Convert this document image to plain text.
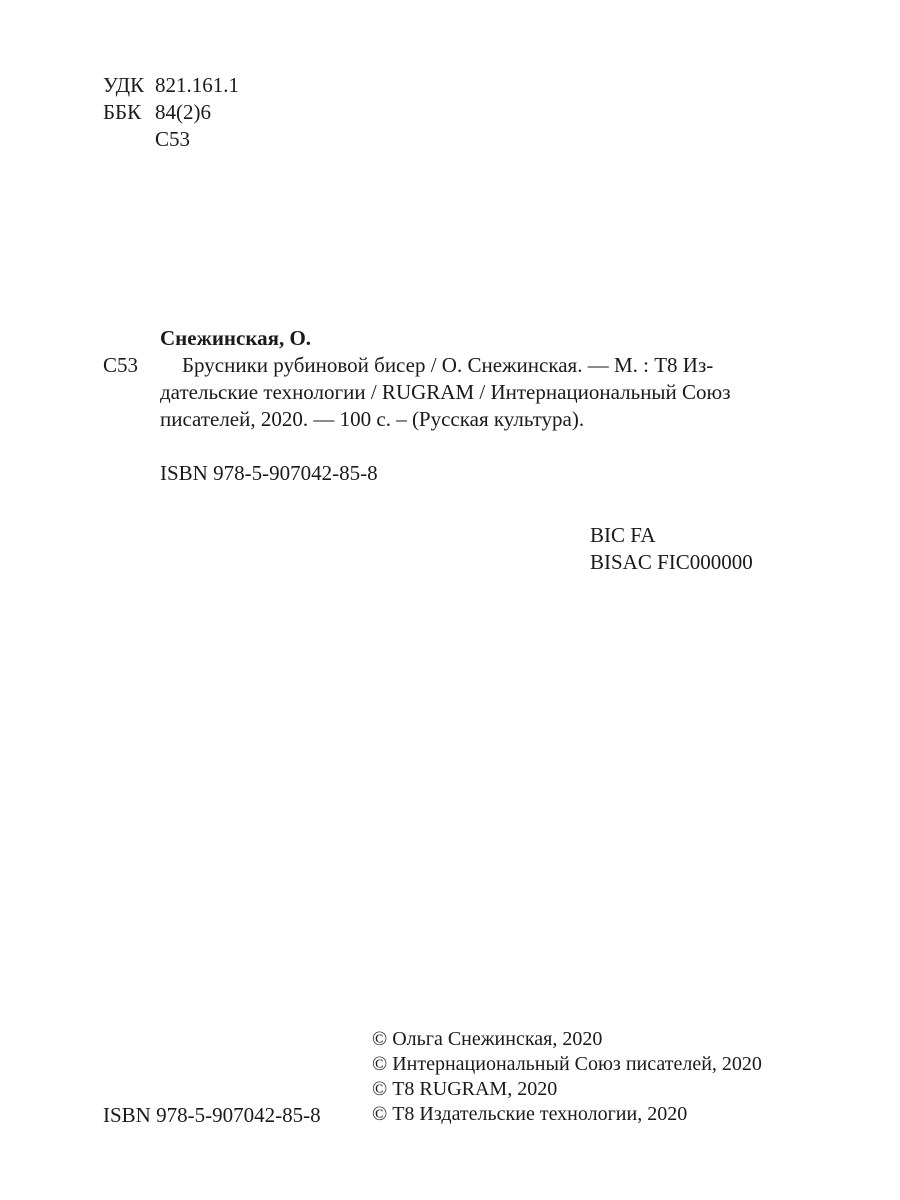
УДК 821.161.1
ББК 84(2)6
С53
Снежинская, О.
С53	Брусники рубиновой бисер / О. Снежинская. — М. : Т8 Из-
дательские технологии / RUGRAM / Интернациональный Союз
писателей, 2020. — 100 с. – (Русская культура).
ISBN 978-5-907042-85-8
BIC FA
BISAC FIC000000
© Ольга Снежинская, 2020
© Интернациональный Союз писателей, 2020
© Т8 RUGRAM, 2020
© Т8 Издательские технологии, 2020
ISBN 978-5-907042-85-8
